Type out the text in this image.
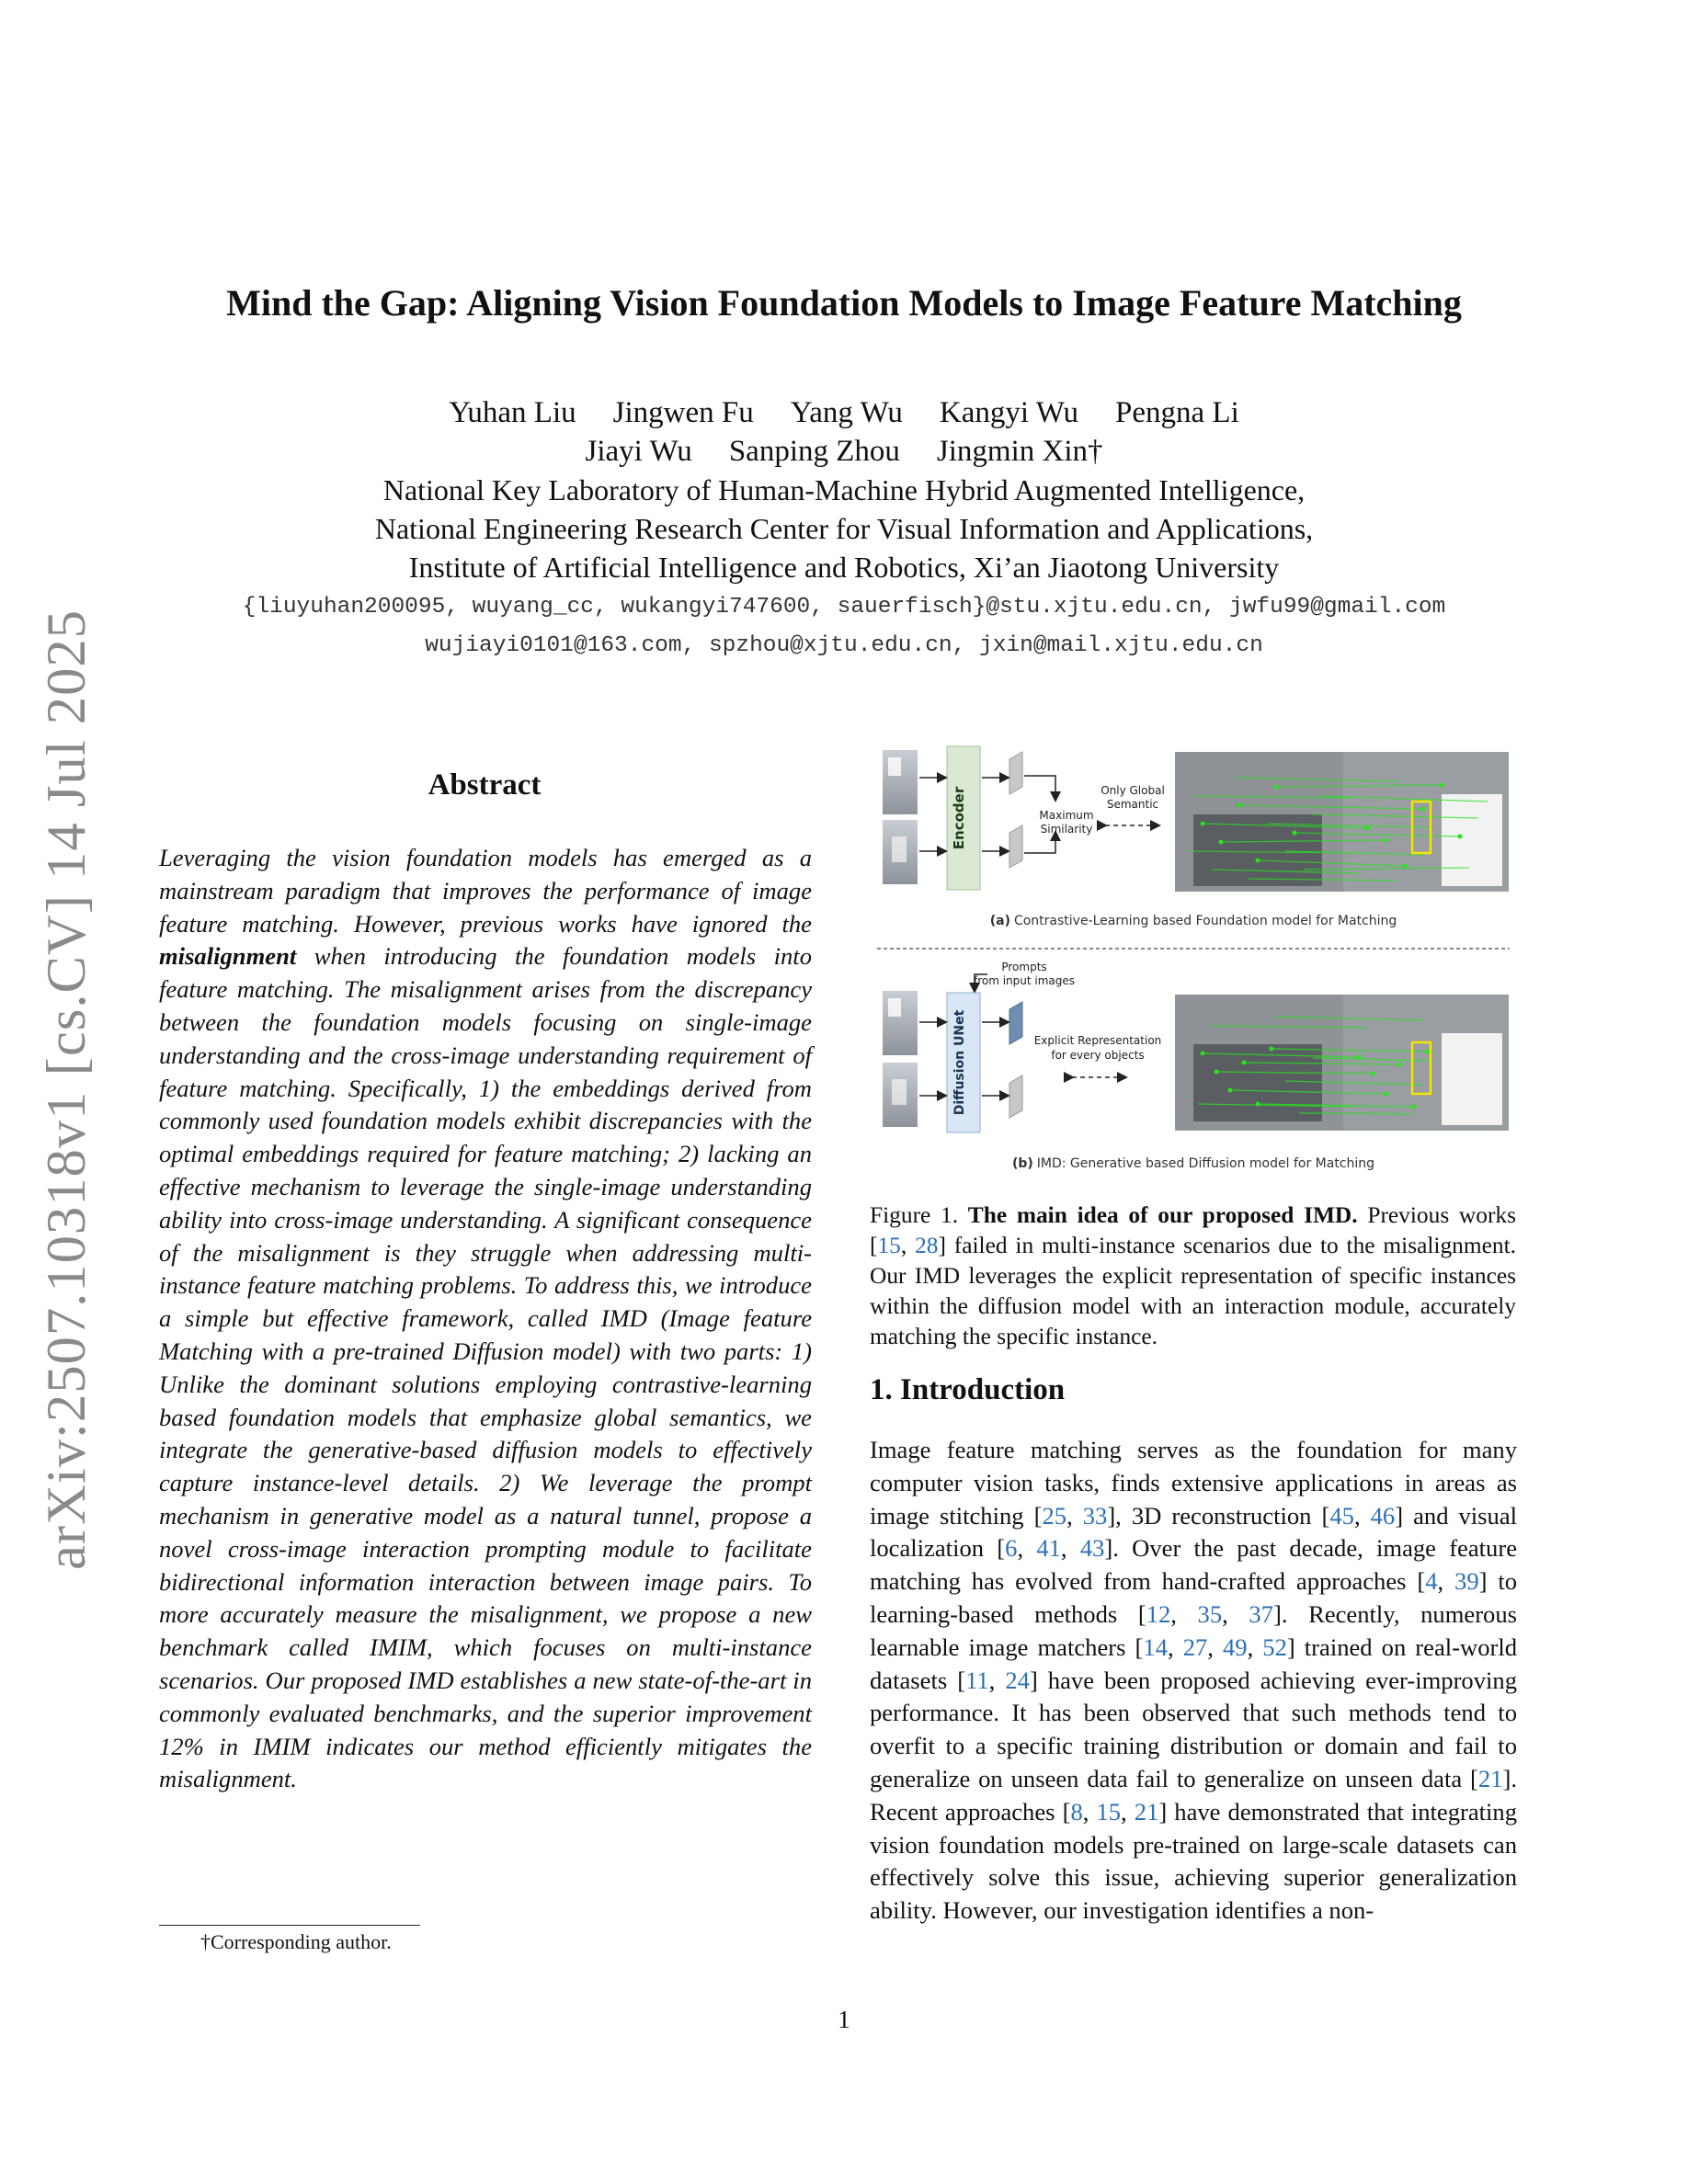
arXiv:2507.10318v1 [cs.CV] 14 Jul 2025
Mind the Gap: Aligning Vision Foundation Models to Image Feature Matching
Yuhan Liu Jingwen Fu Yang Wu Kangyi Wu Pengna Li
Jiayi Wu Sanping Zhou Jingmin Xin†
National Key Laboratory of Human-Machine Hybrid Augmented Intelligence,
National Engineering Research Center for Visual Information and Applications,
Institute of Artificial Intelligence and Robotics, Xi’an Jiaotong University
{liuyuhan200095, wuyang_cc, wukangyi747600, sauerfisch}@stu.xjtu.edu.cn, jwfu99@gmail.com
wujiayi0101@163.com, spzhou@xjtu.edu.cn, jxin@mail.xjtu.edu.cn
Abstract
Leveraging the vision foundation models has emerged as a mainstream paradigm that improves the performance of image feature matching. However, previous works have ignored the misalignment when introducing the foundation models into feature matching. The misalignment arises from the discrepancy between the foundation models focusing on single-image understanding and the cross-image understanding requirement of feature matching. Specifically, 1) the embeddings derived from commonly used foundation models exhibit discrepancies with the optimal embeddings required for feature matching; 2) lacking an effective mechanism to leverage the single-image understanding ability into cross-image understanding. A significant consequence of the misalignment is they struggle when addressing multi-instance feature matching problems. To address this, we introduce a simple but effective framework, called IMD (Image feature Matching with a pre-trained Diffusion model) with two parts: 1) Unlike the dominant solutions employing contrastive-learning based foundation models that emphasize global semantics, we integrate the generative-based diffusion models to effectively capture instance-level details. 2) We leverage the prompt mechanism in generative model as a natural tunnel, propose a novel cross-image interaction prompting module to facilitate bidirectional information interaction between image pairs. To more accurately measure the misalignment, we propose a new benchmark called IMIM, which focuses on multi-instance scenarios. Our proposed IMD establishes a new state-of-the-art in commonly evaluated benchmarks, and the superior improvement 12% in IMIM indicates our method efficiently mitigates the misalignment.
†Corresponding author.
Encoder	Maximum
Similarity
Only Global
Semantic
(a) Contrastive-Learning based Foundation model for Matching
Prompts
from input images
Diffusion UNet	Explicit Representation
for every objects
(b) IMD: Generative based Diffusion model for Matching
Figure 1. The main idea of our proposed IMD. Previous works [15, 28] failed in multi-instance scenarios due to the misalignment. Our IMD leverages the explicit representation of specific instances within the diffusion model with an interaction module, accurately matching the specific instance.
1. Introduction
Image feature matching serves as the foundation for many computer vision tasks, finds extensive applications in areas as image stitching [25, 33], 3D reconstruction [45, 46] and visual localization [6, 41, 43]. Over the past decade, image feature matching has evolved from hand-crafted approaches [4, 39] to learning-based methods [12, 35, 37]. Recently, numerous learnable image matchers [14, 27, 49, 52] trained on real-world datasets [11, 24] have been proposed achieving ever-improving performance. It has been observed that such methods tend to overfit to a specific training distribution or domain and fail to generalize on unseen data fail to generalize on unseen data [21]. Recent approaches [8, 15, 21] have demonstrated that integrating vision foundation models pre-trained on large-scale datasets can effectively solve this issue, achieving superior generalization ability. However, our investigation identifies a non-
1
